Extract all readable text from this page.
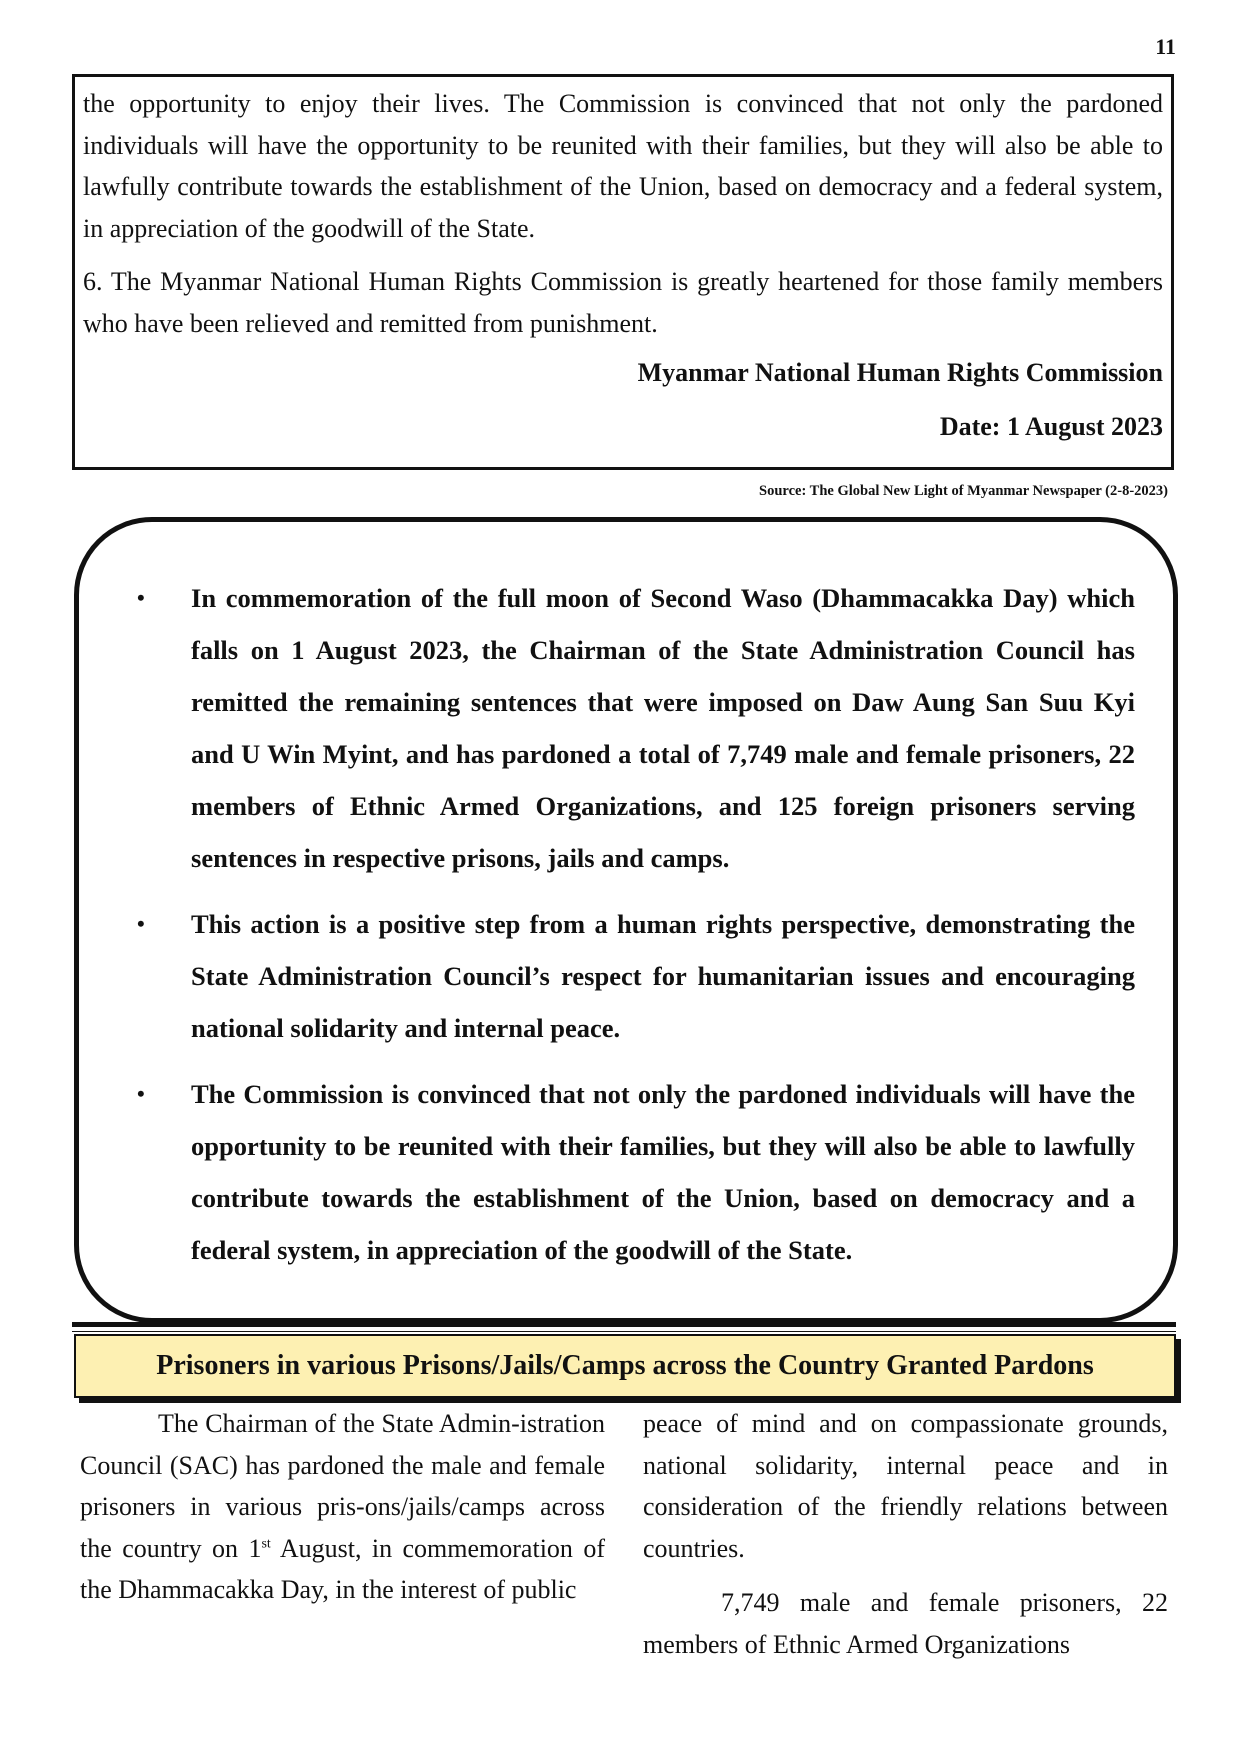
11

the opportunity to enjoy their lives. The Commission is convinced that not only the pardoned individuals will have the opportunity to be reunited with their families, but they will also be able to lawfully contribute towards the establishment of the Union, based on democracy and a federal system, in appreciation of the goodwill of the State.

6. The Myanmar National Human Rights Commission is greatly heartened for those family members who have been relieved and remitted from punishment.

Myanmar National Human Rights Commission
Date: 1 August 2023
Source: The Global New Light of Myanmar Newspaper (2-8-2023)
• In commemoration of the full moon of Second Waso (Dhammacakka Day) which falls on 1 August 2023, the Chairman of the State Administration Council has remitted the remaining sentences that were imposed on Daw Aung San Suu Kyi and U Win Myint, and has pardoned a total of 7,749 male and female prisoners, 22 members of Ethnic Armed Organizations, and 125 foreign prisoners serving sentences in respective prisons, jails and camps.
• This action is a positive step from a human rights perspective, demonstrating the State Administration Council’s respect for humanitarian issues and encouraging national solidarity and internal peace.
• The Commission is convinced that not only the pardoned individuals will have the opportunity to be reunited with their families, but they will also be able to lawfully contribute towards the establishment of the Union, based on democracy and a federal system, in appreciation of the goodwill of the State.
Prisoners in various Prisons/Jails/Camps across the Country Granted Pardons

The Chairman of the State Admin-istration Council (SAC) has pardoned the male and female prisoners in various pris-ons/jails/camps across the country on 1st August, in commemoration of the Dhammacakka Day, in the interest of public

peace of mind and on compassionate grounds, national solidarity, internal peace and in consideration of the friendly relations between countries.

7,749 male and female prisoners, 22 members of Ethnic Armed Organizations
